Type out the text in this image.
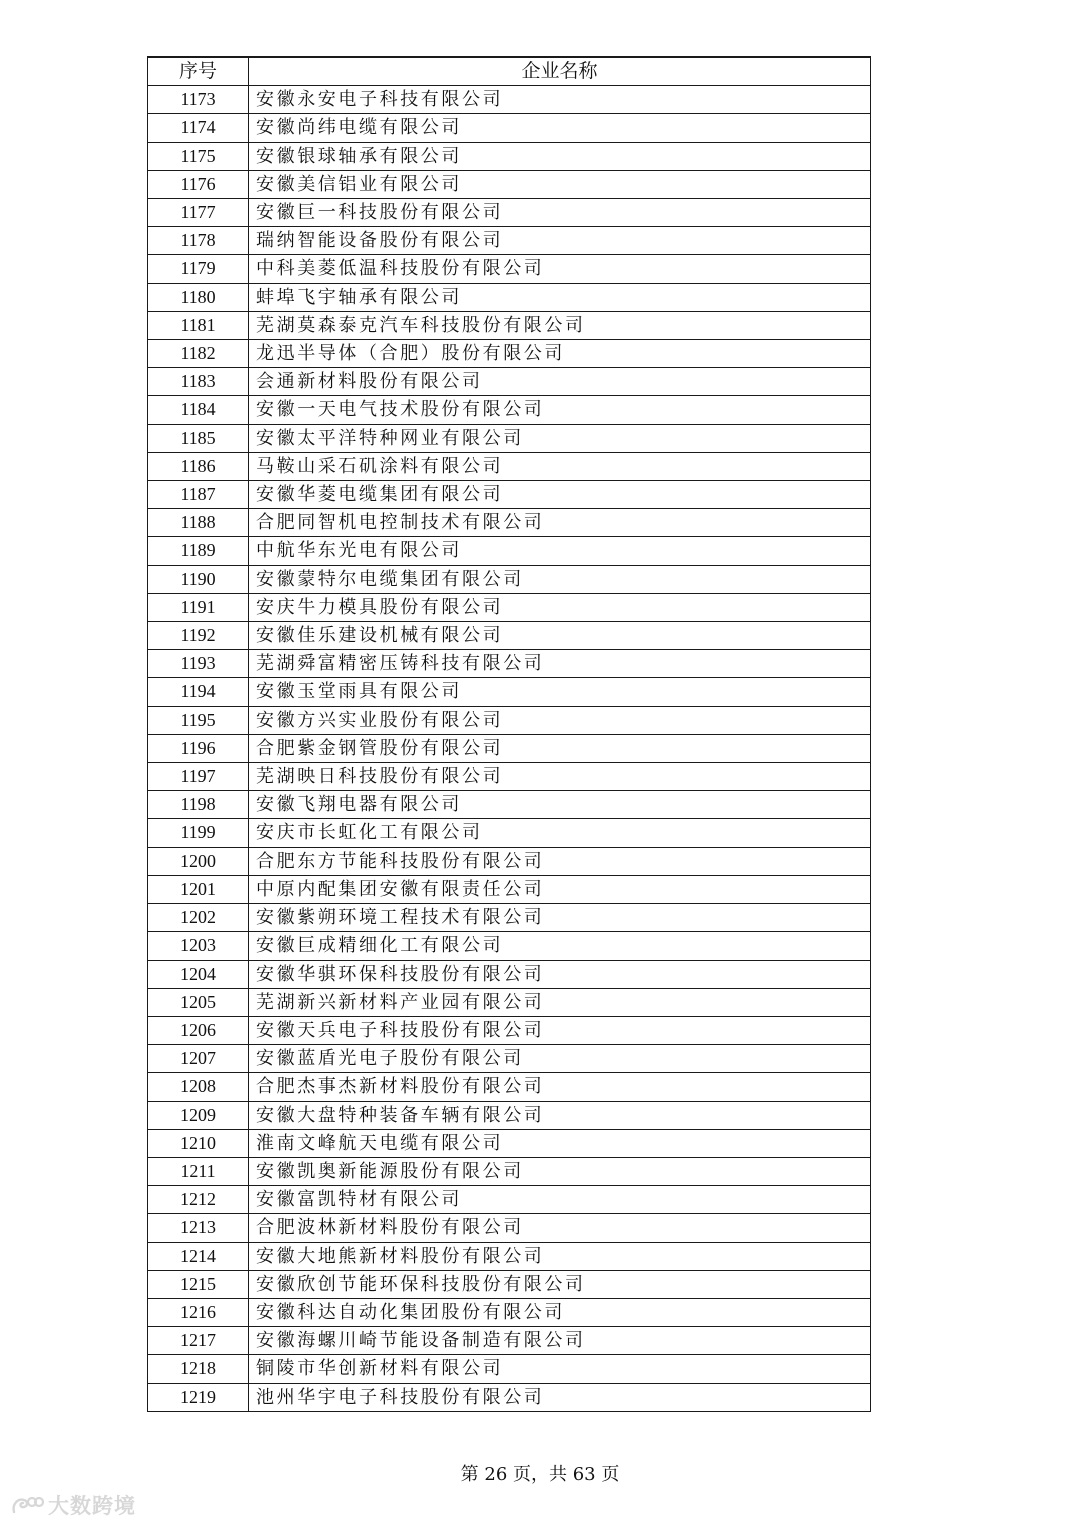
序号	企业名称
1173	安徽永安电子科技有限公司
1174	安徽尚纬电缆有限公司
1175	安徽银球轴承有限公司
1176	安徽美信铝业有限公司
1177	安徽巨一科技股份有限公司
1178	瑞纳智能设备股份有限公司
1179	中科美菱低温科技股份有限公司
1180	蚌埠飞宇轴承有限公司
1181	芜湖莫森泰克汽车科技股份有限公司
1182	龙迅半导体（合肥）股份有限公司
1183	会通新材料股份有限公司
1184	安徽一天电气技术股份有限公司
1185	安徽太平洋特种网业有限公司
1186	马鞍山采石矶涂料有限公司
1187	安徽华菱电缆集团有限公司
1188	合肥同智机电控制技术有限公司
1189	中航华东光电有限公司
1190	安徽蒙特尔电缆集团有限公司
1191	安庆牛力模具股份有限公司
1192	安徽佳乐建设机械有限公司
1193	芜湖舜富精密压铸科技有限公司
1194	安徽玉堂雨具有限公司
1195	安徽方兴实业股份有限公司
1196	合肥紫金钢管股份有限公司
1197	芜湖映日科技股份有限公司
1198	安徽飞翔电器有限公司
1199	安庆市长虹化工有限公司
1200	合肥东方节能科技股份有限公司
1201	中原内配集团安徽有限责任公司
1202	安徽紫朔环境工程技术有限公司
1203	安徽巨成精细化工有限公司
1204	安徽华骐环保科技股份有限公司
1205	芜湖新兴新材料产业园有限公司
1206	安徽天兵电子科技股份有限公司
1207	安徽蓝盾光电子股份有限公司
1208	合肥杰事杰新材料股份有限公司
1209	安徽大盘特种装备车辆有限公司
1210	淮南文峰航天电缆有限公司
1211	安徽凯奥新能源股份有限公司
1212	安徽富凯特材有限公司
1213	合肥波林新材料股份有限公司
1214	安徽大地熊新材料股份有限公司
1215	安徽欣创节能环保科技股份有限公司
1216	安徽科达自动化集团股份有限公司
1217	安徽海螺川崎节能设备制造有限公司
1218	铜陵市华创新材料有限公司
1219	池州华宇电子科技股份有限公司
第 26 页，共 63 页
大数跨境
